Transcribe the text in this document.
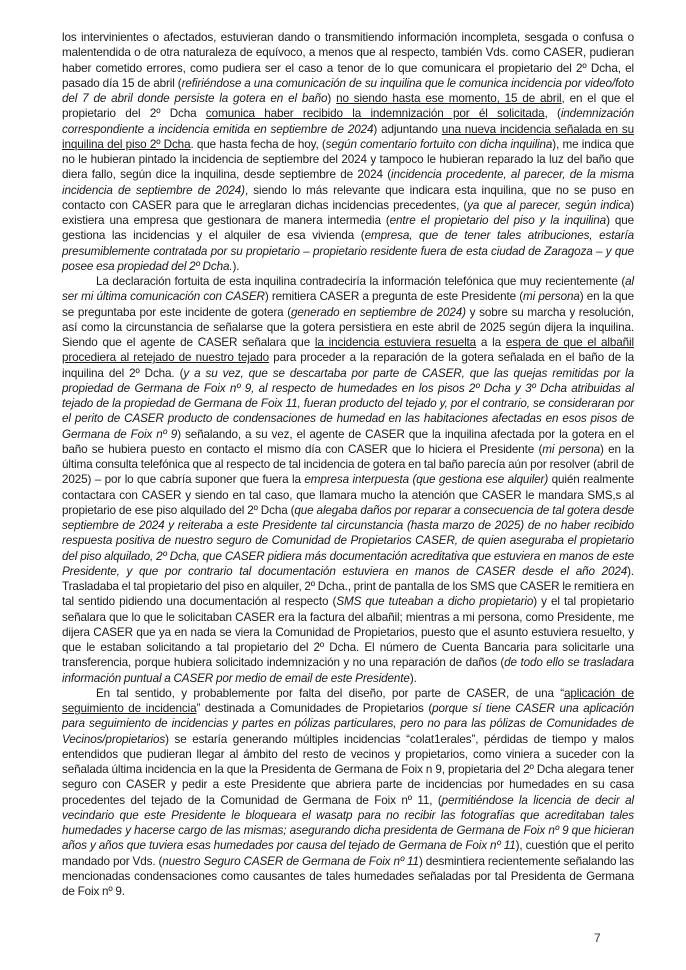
los intervinientes o afectados, estuvieran dando o transmitiendo información incompleta, sesgada o confusa o malentendida o de otra naturaleza de equívoco, a menos que al respecto, también Vds. como CASER, pudieran haber cometido errores, como pudiera ser el caso a tenor de lo que comunicara el propietario del 2º Dcha, el pasado día 15 de abril (refiriéndose a una comunicación de su inquilina que le comunica incidencia por video/foto del 7 de abril donde persiste la gotera en el baño) no siendo hasta ese momento, 15 de abril, en el que el propietario del 2º Dcha comunica haber recibido la indemnización por él solicitada, (indemnización correspondiente a incidencia emitida en septiembre de 2024) adjuntando una nueva incidencia señalada en su inquilina del piso 2º Dcha. que hasta fecha de hoy, (según comentario fortuito con dicha inquilina), me indica que no le hubieran pintado la incidencia de septiembre del 2024 y tampoco le hubieran reparado la luz del baño que diera fallo, según dice la inquilina, desde septiembre de 2024 (incidencia procedente, al parecer, de la misma incidencia de septiembre de 2024), siendo lo más relevante que indicara esta inquilina, que no se puso en contacto con CASER para que le arreglaran dichas incidencias precedentes, (ya que al parecer, según indica) existiera una empresa que gestionara de manera intermedia (entre el propietario del piso y la inquilina) que gestiona las incidencias y el alquiler de esa vivienda (empresa, que de tener tales atribuciones, estaría presumiblemente contratada por su propietario – propietario residente fuera de esta ciudad de Zaragoza – y que posee esa propiedad del 2º Dcha.).

La declaración fortuita de esta inquilina contradeciría la información telefónica que muy recientemente (al ser mi última comunicación con CASER) remitiera CASER a pregunta de este Presidente (mi persona) en la que se preguntaba por este incidente de gotera (generado en septiembre de 2024) y sobre su marcha y resolución, así como la circunstancia de señalarse que la gotera persistiera en este abril de 2025 según dijera la inquilina. Siendo que el agente de CASER señalara que la incidencia estuviera resuelta a la espera de que el albañil procediera al retejado de nuestro tejado para proceder a la reparación de la gotera señalada en el baño de la inquilina del 2º Dcha. (y a su vez, que se descartaba por parte de CASER, que las quejas remitidas por la propiedad de Germana de Foix nº 9, al respecto de humedades en los pisos 2º Dcha y 3º Dcha atribuidas al tejado de la propiedad de Germana de Foix 11, fueran producto del tejado y, por el contrario, se consideraran por el perito de CASER producto de condensaciones de humedad en las habitaciones afectadas en esos pisos de Germana de Foix nº 9) señalando, a su vez, el agente de CASER que la inquilina afectada por la gotera en el baño se hubiera puesto en contacto el mismo día con CASER que lo hiciera el Presidente (mi persona) en la última consulta telefónica que al respecto de tal incidencia de gotera en tal baño parecía aún por resolver (abril de 2025) – por lo que cabría suponer que fuera la empresa interpuesta (que gestiona ese alquiler) quién realmente contactara con CASER y siendo en tal caso, que llamara mucho la atención que CASER le mandara SMS,s al propietario de ese piso alquilado del 2º Dcha (que alegaba daños por reparar a consecuencia de tal gotera desde septiembre de 2024 y reiteraba a este Presidente tal circunstancia (hasta marzo de 2025) de no haber recibido respuesta positiva de nuestro seguro de Comunidad de Propietarios CASER, de quien aseguraba el propietario del piso alquilado, 2º Dcha, que CASER pidiera más documentación acreditativa que estuviera en manos de este Presidente, y que por contrario tal documentación estuviera en manos de CASER desde el año 2024). Trasladaba el tal propietario del piso en alquiler, 2º Dcha., print de pantalla de los SMS que CASER le remitiera en tal sentido pidiendo una documentación al respecto (SMS que tuteaban a dicho propietario) y el tal propietario señalara que lo que le solicitaban CASER era la factura del albañil; mientras a mi persona, como Presidente, me dijera CASER que ya en nada se viera la Comunidad de Propietarios, puesto que el asunto estuviera resuelto, y que le estaban solicitando a tal propietario del 2º Dcha. El número de Cuenta Bancaria para solicitarle una transferencia, porque hubiera solicitado indemnización y no una reparación de daños (de todo ello se trasladara información puntual a CASER por medio de email de este Presidente).

En tal sentido, y probablemente por falta del diseño, por parte de CASER, de una “aplicación de seguimiento de incidencia” destinada a Comunidades de Propietarios (porque sí tiene CASER una aplicación para seguimiento de incidencias y partes en pólizas particulares, pero no para las pólizas de Comunidades de Vecinos/propietarios) se estaría generando múltiples incidencias “colat1erales”, pérdidas de tiempo y malos entendidos que pudieran llegar al ámbito del resto de vecinos y propietarios, como viniera a suceder con la señalada última incidencia en la que la Presidenta de Germana de Foix n 9, propietaria del 2º Dcha alegara tener seguro con CASER y pedir a este Presidente que abriera parte de incidencias por humedades en su casa procedentes del tejado de la Comunidad de Germana de Foix nº 11, (permitiéndose la licencia de decir al vecindario que este Presidente le bloqueara el wasatp para no recibir las fotografías que acreditaban tales humedades y hacerse cargo de las mismas; asegurando dicha presidenta de Germana de Foix nº 9 que hicieran años y años que tuviera esas humedades por causa del tejado de Germana de Foix nº 11), cuestión que el perito mandado por Vds. (nuestro Seguro CASER de Germana de Foix nº 11) desmintiera recientemente señalando las mencionadas condensaciones como causantes de tales humedades señaladas por tal Presidenta de Germana de Foix nº 9.

7
